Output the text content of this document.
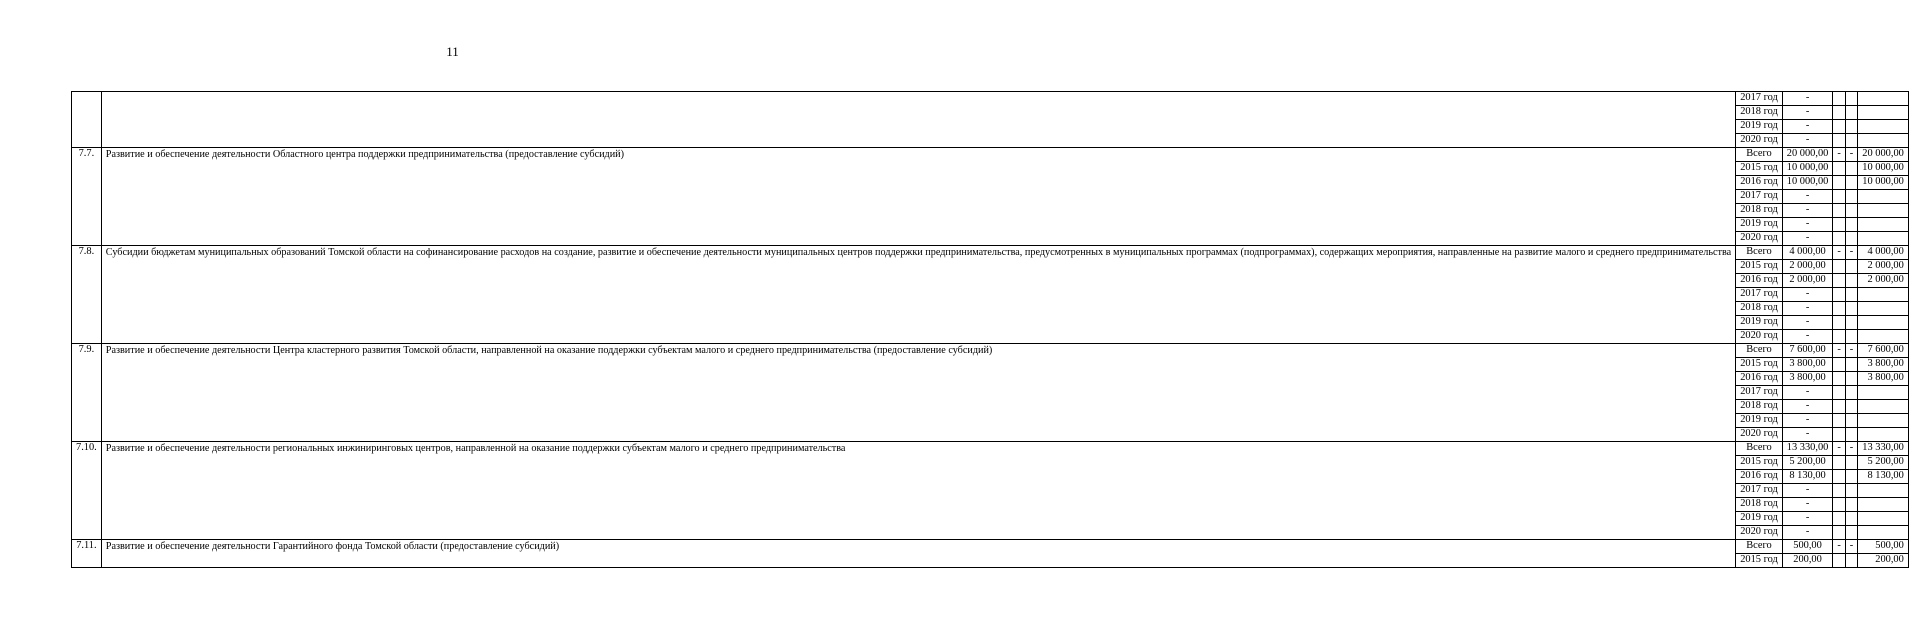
11
		2017 год	-			
		2018 год	-			
		2019 год	-			
		2020 год	-			
7.7.	Развитие и обеспечение деятельности Областного центра поддержки предпринимательства (предоставление субсидий)	Всего	20 000,00	-	-	20 000,00
		2015 год	10 000,00			10 000,00
		2016 год	10 000,00			10 000,00
		2017 год	-			
		2018 год	-			
		2019 год	-			
		2020 год	-			
7.8.	Субсидии бюджетам муниципальных образований Томской области на софинансирование расходов на создание, развитие и обеспечение деятельности муниципальных центров поддержки предпринимательства, предусмотренных в муниципальных программах (подпрограммах), содержащих мероприятия, направленные на развитие малого и среднего предпринимательства	Всего	4 000,00	-	-	4 000,00
		2015 год	2 000,00			2 000,00
		2016 год	2 000,00			2 000,00
		2017 год	-			
		2018 год	-			
		2019 год	-			
		2020 год	-			
7.9.	Развитие и обеспечение деятельности Центра кластерного развития Томской области, направленной на оказание поддержки субъектам малого и среднего предпринимательства (предоставление субсидий)	Всего	7 600,00	-	-	7 600,00
		2015 год	3 800,00			3 800,00
		2016 год	3 800,00			3 800,00
		2017 год	-			
		2018 год	-			
		2019 год	-			
		2020 год	-			
7.10.	Развитие и обеспечение деятельности региональных инжиниринговых центров, направленной на оказание поддержки субъектам малого и среднего предпринимательства	Всего	13 330,00	-	-	13 330,00
		2015 год	5 200,00			5 200,00
		2016 год	8 130,00			8 130,00
		2017 год	-			
		2018 год	-			
		2019 год	-			
		2020 год	-			
7.11.	Развитие и обеспечение деятельности Гарантийного фонда Томской области (предоставление субсидий)	Всего	500,00	-	-	500,00
		2015 год	200,00			200,00
